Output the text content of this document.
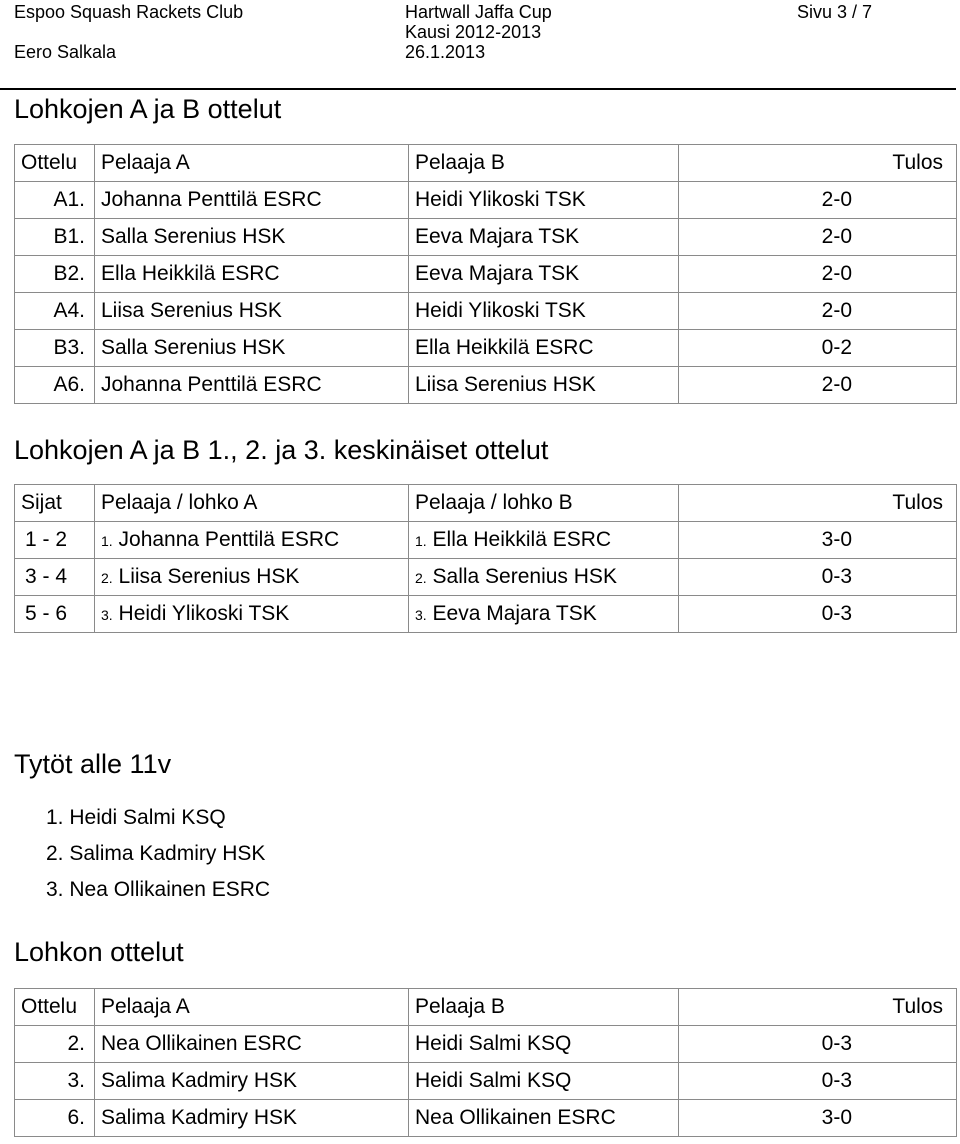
Espoo Squash Rackets Club	Hartwall Jaffa Cup
Kausi 2012-2013
Sivu 3 / 7
Eero Salkala	26.1.2013
Lohkojen A ja B ottelut
Ottelu	Pelaaja A	Pelaaja B	Tulos
A1.	Johanna Penttilä ESRC	Heidi Ylikoski TSK	2-0
B1.	Salla Serenius HSK	Eeva Majara TSK	2-0
B2.	Ella Heikkilä ESRC	Eeva Majara TSK	2-0
A4.	Liisa Serenius HSK	Heidi Ylikoski TSK	2-0
B3.	Salla Serenius HSK	Ella Heikkilä ESRC	0-2
A6.	Johanna Penttilä ESRC	Liisa Serenius HSK	2-0
Lohkojen A ja B 1., 2. ja 3. keskinäiset ottelut
Sijat	Pelaaja / lohko A	Pelaaja / lohko B	Tulos
1 - 2	1. Johanna Penttilä ESRC	1. Ella Heikkilä ESRC	3-0
3 - 4	2. Liisa Serenius HSK	2. Salla Serenius HSK	0-3
5 - 6	3. Heidi Ylikoski TSK	3. Eeva Majara TSK	0-3
Tytöt alle 11v
1. Heidi Salmi KSQ
2. Salima Kadmiry HSK
3. Nea Ollikainen ESRC
Lohkon ottelut
Ottelu	Pelaaja A	Pelaaja B	Tulos
2.	Nea Ollikainen ESRC	Heidi Salmi KSQ	0-3
3.	Salima Kadmiry HSK	Heidi Salmi KSQ	0-3
6.	Salima Kadmiry HSK	Nea Ollikainen ESRC	3-0
